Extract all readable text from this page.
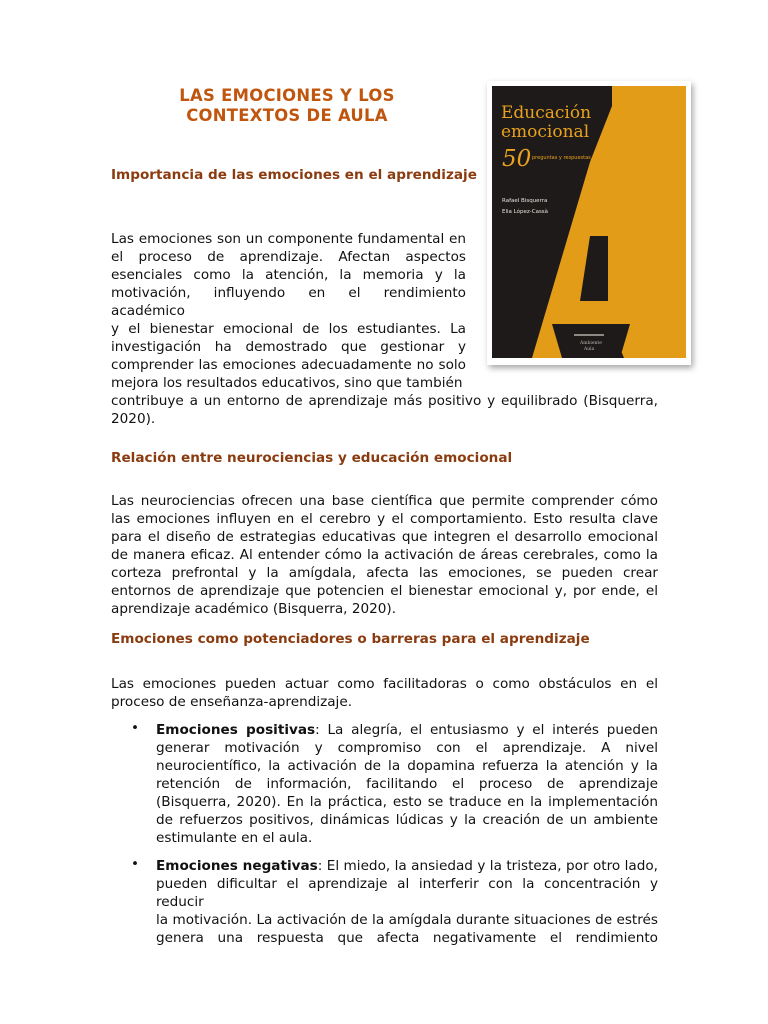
LAS EMOCIONES Y LOS
CONTEXTOS DE AULA
Importancia de las emociones en el aprendizaje

Las emociones son un componente fundamental en
el proceso de aprendizaje. Afectan aspectos
esenciales como la atención, la memoria y la
motivación, influyendo en el rendimiento académico
y el bienestar emocional de los estudiantes. La
investigación ha demostrado que gestionar y
comprender las emociones adecuadamente no solo
mejora los resultados educativos, sino que también
contribuye a un entorno de aprendizaje más positivo y equilibrado (Bisquerra,
2020).

Educación
emocional
50 preguntas y respuestas
Rafael Bisquerra
Elia López-Cassà
Ambiente
Aula
Relación entre neurociencias y educación emocional

Las neurociencias ofrecen una base científica que permite comprender cómo
las emociones influyen en el cerebro y el comportamiento. Esto resulta clave
para el diseño de estrategias educativas que integren el desarrollo emocional
de manera eficaz. Al entender cómo la activación de áreas cerebrales, como la
corteza prefrontal y la amígdala, afecta las emociones, se pueden crear
entornos de aprendizaje que potencien el bienestar emocional y, por ende, el
aprendizaje académico (Bisquerra, 2020).

Emociones como potenciadores o barreras para el aprendizaje

Las emociones pueden actuar como facilitadoras o como obstáculos en el
proceso de enseñanza-aprendizaje.

• Emociones positivas: La alegría, el entusiasmo y el interés pueden
generar motivación y compromiso con el aprendizaje. A nivel
neurocientífico, la activación de la dopamina refuerza la atención y la
retención de información, facilitando el proceso de aprendizaje
(Bisquerra, 2020). En la práctica, esto se traduce en la implementación
de refuerzos positivos, dinámicas lúdicas y la creación de un ambiente
estimulante en el aula.
• Emociones negativas: El miedo, la ansiedad y la tristeza, por otro lado,
pueden dificultar el aprendizaje al interferir con la concentración y reducir
la motivación. La activación de la amígdala durante situaciones de estrés
genera una respuesta que afecta negativamente el rendimiento
